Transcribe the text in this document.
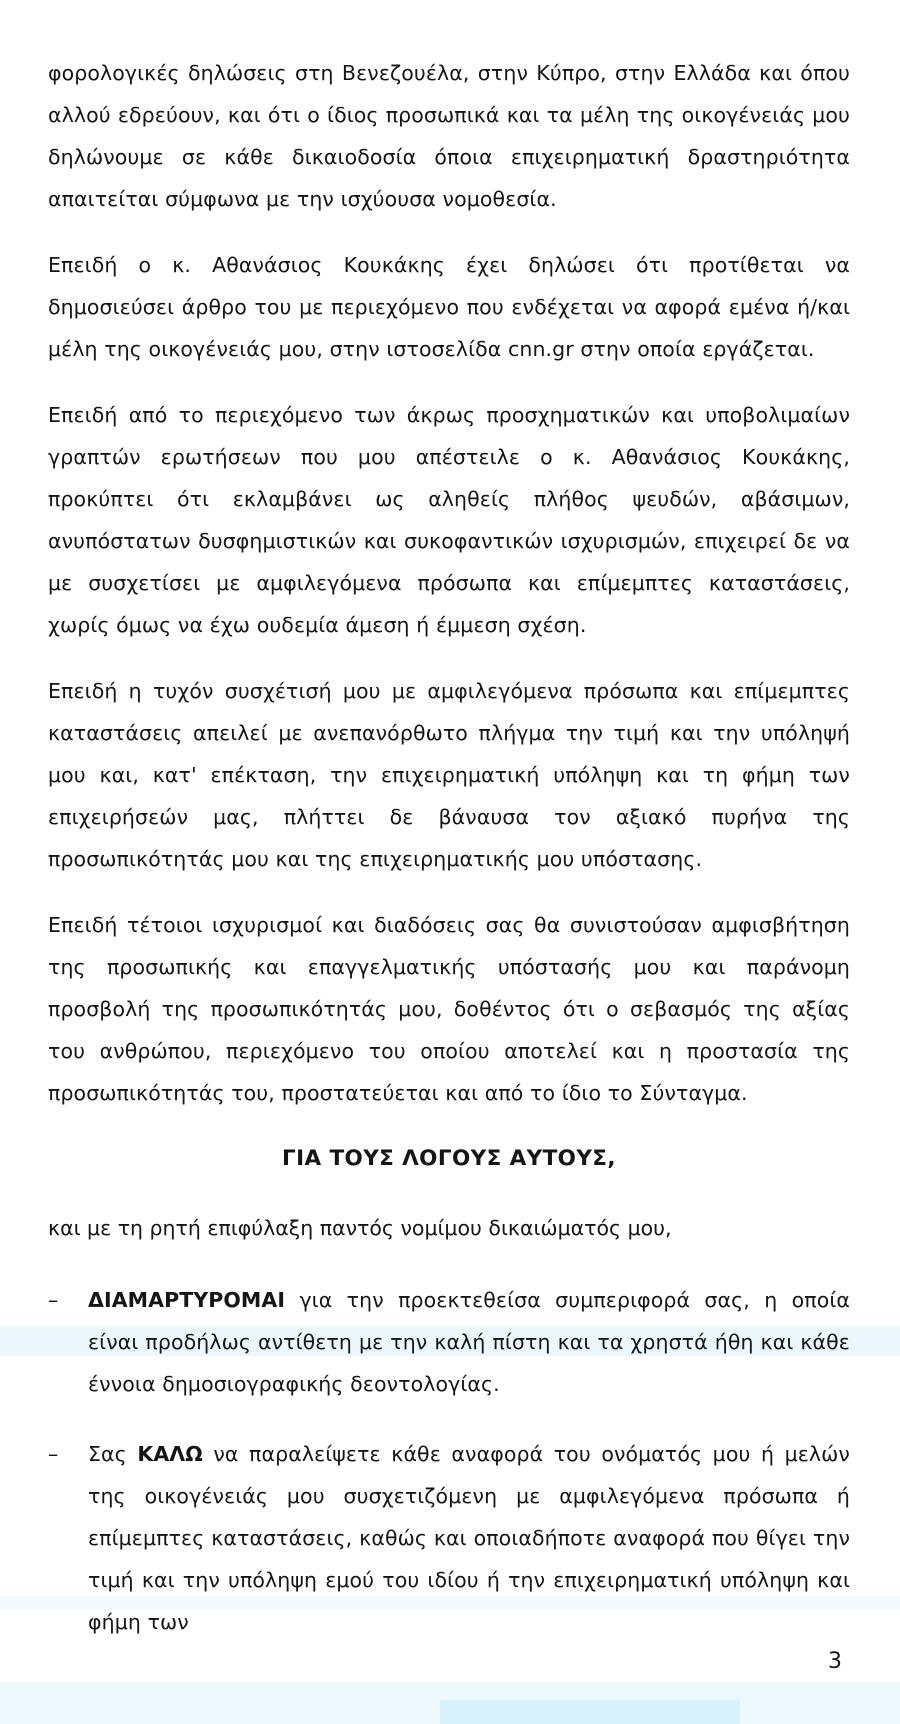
φορολογικές δηλώσεις στη Βενεζουέλα, στην Κύπρο, στην Ελλάδα και όπου αλλού εδρεύουν, και ότι ο ίδιος προσωπικά και τα μέλη της οικογένειάς μου δηλώνουμε σε κάθε δικαιοδοσία όποια επιχειρηματική δραστηριότητα απαιτείται σύμφωνα με την ισχύουσα νομοθεσία.

Επειδή ο κ. Αθανάσιος Κουκάκης έχει δηλώσει ότι προτίθεται να δημοσιεύσει άρθρο του με περιεχόμενο που ενδέχεται να αφορά εμένα ή/και μέλη της οικογένειάς μου, στην ιστοσελίδα cnn.gr στην οποία εργάζεται.

Επειδή από το περιεχόμενο των άκρως προσχηματικών και υποβολιμαίων γραπτών ερωτήσεων που μου απέστειλε ο κ. Αθανάσιος Κουκάκης, προκύπτει ότι εκλαμβάνει ως αληθείς πλήθος ψευδών, αβάσιμων, ανυπόστατων δυσφημιστικών και συκοφαντικών ισχυρισμών, επιχειρεί δε να με συσχετίσει με αμφιλεγόμενα πρόσωπα και επίμεμπτες καταστάσεις, χωρίς όμως να έχω ουδεμία άμεση ή έμμεση σχέση.

Επειδή η τυχόν συσχέτισή μου με αμφιλεγόμενα πρόσωπα και επίμεμπτες καταστάσεις απειλεί με ανεπανόρθωτο πλήγμα την τιμή και την υπόληψή μου και, κατ' επέκταση, την επιχειρηματική υπόληψη και τη φήμη των επιχειρήσεών μας, πλήττει δε βάναυσα τον αξιακό πυρήνα της προσωπικότητάς μου και της επιχειρηματικής μου υπόστασης.

Επειδή τέτοιοι ισχυρισμοί και διαδόσεις σας θα συνιστούσαν αμφισβήτηση της προσωπικής και επαγγελματικής υπόστασής μου και παράνομη προσβολή της προσωπικότητάς μου, δοθέντος ότι ο σεβασμός της αξίας του ανθρώπου, περιεχόμενο του οποίου αποτελεί και η προστασία της προσωπικότητάς του, προστατεύεται και από το ίδιο το Σύνταγμα.

ΓΙΑ ΤΟΥΣ ΛΟΓΟΥΣ ΑΥΤΟΥΣ,

και με τη ρητή επιφύλαξη παντός νομίμου δικαιώματός μου,

–	ΔΙΑΜΑΡΤΥΡΟΜΑΙ για την προεκτεθείσα συμπεριφορά σας, η οποία είναι προδήλως αντίθετη με την καλή πίστη και τα χρηστά ήθη και κάθε έννοια δημοσιογραφικής δεοντολογίας.
–	Σας ΚΑΛΩ να παραλείψετε κάθε αναφορά του ονόματός μου ή μελών της οικογένειάς μου συσχετιζόμενη με αμφιλεγόμενα πρόσωπα ή επίμεμπτες καταστάσεις, καθώς και οποιαδήποτε αναφορά που θίγει την τιμή και την υπόληψη εμού του ιδίου ή την επιχειρηματική υπόληψη και φήμη των
3
